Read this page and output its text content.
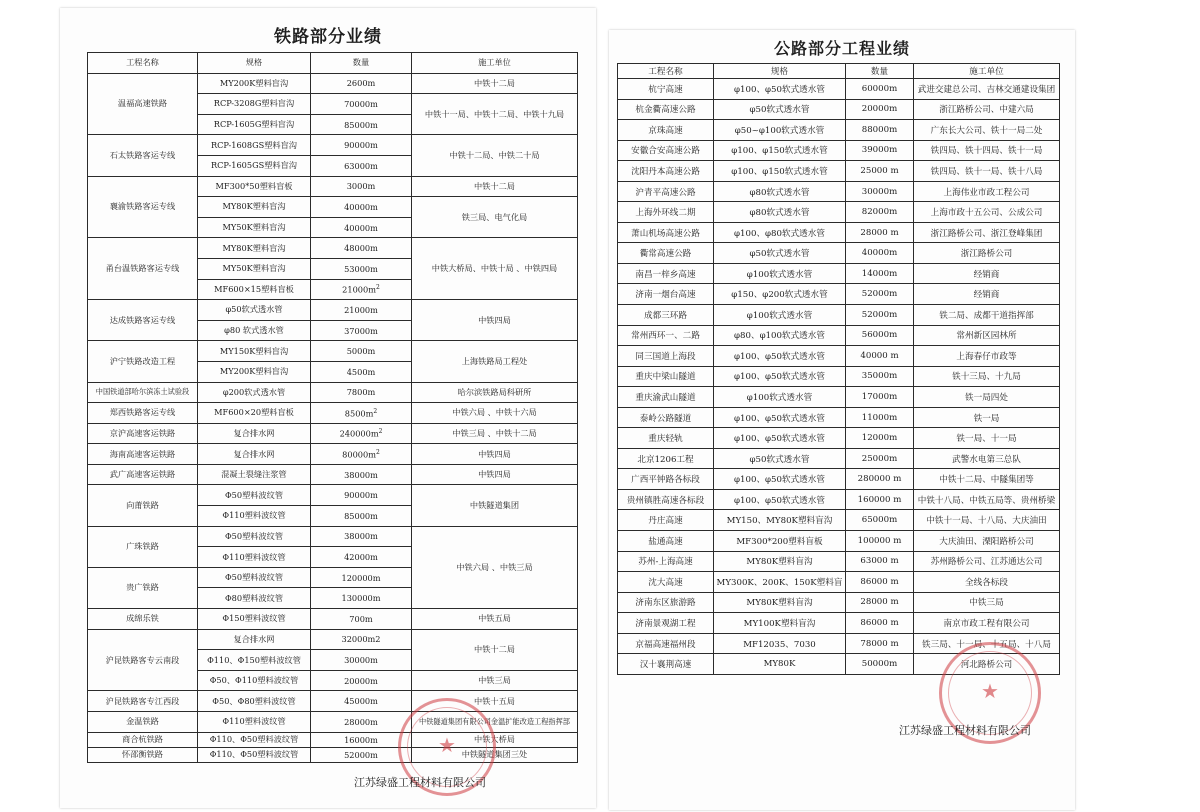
铁路部分业绩
工程名称	规格	数量	施工单位
温福高速铁路	MY200K塑料盲沟	2600m	中铁十二局
	RCP-3208G塑料盲沟	70000m	中铁十一局、中铁十二局、中铁十九局
	RCP-1605G塑料盲沟	85000m	
石太铁路客运专线	RCP-1608GS塑料盲沟	90000m	中铁十二局、中铁二十局
	RCP-1605GS塑料盲沟	63000m	
襄渝铁路客运专线	MF300*50塑料盲板	3000m	中铁十二局
	MY80K塑料盲沟	40000m	铁三局、电气化局
	MY50K塑料盲沟	40000m	
甬台温铁路客运专线	MY80K塑料盲沟	48000m	中铁大桥局、中铁十局 、中铁四局
	MY50K塑料盲沟	53000m	
	MF600×15塑料盲板	$21000m^2$
达成铁路客运专线	φ50软式透水管	21000m	中铁四局
	φ80 软式透水管	37000m	
沪宁铁路改造工程	MY150K塑料盲沟	5000m	上海铁路局工程处
	MY200K塑料盲沟	4500m	
中国铁道部哈尔滨冻土试验段	φ200软式透水管	7800m	哈尔滨铁路局科研所
郑西铁路客运专线	MF600×20塑料盲板	$8500m^2$	中铁六局 、中铁十六局
京沪高速客运铁路	复合排水网	$240000m^2$	中铁三局 、中铁十二局
海南高速客运铁路	复合排水网	$80000m^2$	中铁四局
武广高速客运铁路	混凝土裂缝注浆管	38000m	中铁四局
向莆铁路	Φ50塑料波纹管	90000m	中铁隧道集团
	Φ110塑料波纹管	85000m	
广珠铁路	Φ50塑料波纹管	38000m	中铁六局 、中铁三局
	Φ110塑料波纹管	42000m	
贵广铁路	Φ50塑料波纹管	120000m	
	Φ80塑料波纹管	130000m	
成绵乐铁	Φ150塑料波纹管	700m	中铁五局
沪昆铁路客专云南段	复合排水网	32000m2	中铁十二局
	Φ110、Φ150塑料波纹管	30000m	
	Φ50、Φ110塑料波纹管	20000m	中铁三局
沪昆铁路客专江西段	Φ50、Φ80塑料波纹管	45000m	中铁十五局
金温铁路	Φ110塑料波纹管	28000m	中铁隧道集团有限公司金温扩能改造工程指挥部
商合杭铁路	Φ110、Φ50塑料波纹管	16000m	中铁大桥局
怀邵衡铁路	Φ110、Φ50塑料波纹管	52000m	中铁隧道集团三处
★
江苏绿盛工程材料有限公司
公路部分工程业绩
工程名称	规格	数量	施工单位
杭宁高速	φ100、φ50软式透水管	60000m	武进交建总公司、吉林交通建设集团
杭金衢高速公路	φ50软式透水管	20000m	浙江路桥公司、中建六局
京珠高速	φ50~φ100软式透水管	88000m	广东长大公司、铁十一局二处
安徽合安高速公路	φ100、φ150软式透水管	39000m	铁四局、铁十四局、铁十一局
沈阳丹本高速公路	φ100、φ150软式透水管	25000 m	铁四局、铁十一局、铁十八局
沪青平高速公路	φ80软式透水管	30000m	上海伟业市政工程公司
上海外环线二期	φ80软式透水管	82000m	上海市政十五公司、公成公司
萧山机场高速公路	φ100、φ80软式透水管	28000 m	浙江路桥公司、浙江登峰集团
衢常高速公路	φ50软式透水管	40000m	浙江路桥公司
南昌一梓乡高速	φ100软式透水管	14000m	经销商
济南一烟台高速	φ150、φ200软式透水管	52000m	经销商
成都三环路	φ100软式透水管	52000m	铁二局、成都干道指挥部
常州西环一、二路	φ80、φ100软式透水管	56000m	常州新区园林所
同三国道上海段	φ100、φ50软式透水管	40000 m	上海春仔市政等
重庆中梁山隧道	φ100、φ50软式透水管	35000m	铁十三局、十九局
重庆渝武山隧道	φ100软式透水管	17000m	铁一局四处
泰岭公路隧道	φ100、φ50软式透水管	11000m	铁一局
重庆轻轨	φ100、φ50软式透水管	12000m	铁一局、十一局
北京1206工程	φ50软式透水管	25000m	武警水电第三总队
广西平钟路各标段	φ100、φ50软式透水管	280000 m	中铁十二局、中隧集团等
贵州镇胜高速各标段	φ100、φ50软式透水管	160000 m	中铁十八局、中铁五局等、贵州桥梁
丹庄高速	MY150、MY80K塑料盲沟	65000m	中铁十一局、十八局、大庆油田
盐通高速	MF300*200塑料盲板	100000 m	大庆油田、溧阳路桥公司
苏州-上海高速	MY80K塑料盲沟	63000 m	苏州路桥公司、江苏通达公司
沈大高速	MY300K、200K、150K塑料盲	86000 m	全线各标段
济南东区旅游路	MY80K塑料盲沟	28000 m	中铁三局
济南景观湖工程	MY100K塑料盲沟	86000 m	南京市政工程有限公司
京福高速福州段	MF12035、7030	78000 m	铁三局、十一局、十五局、十八局
汉十襄荆高速	MY80K	50000m	河北路桥公司
★
江苏绿盛工程材料有限公司
